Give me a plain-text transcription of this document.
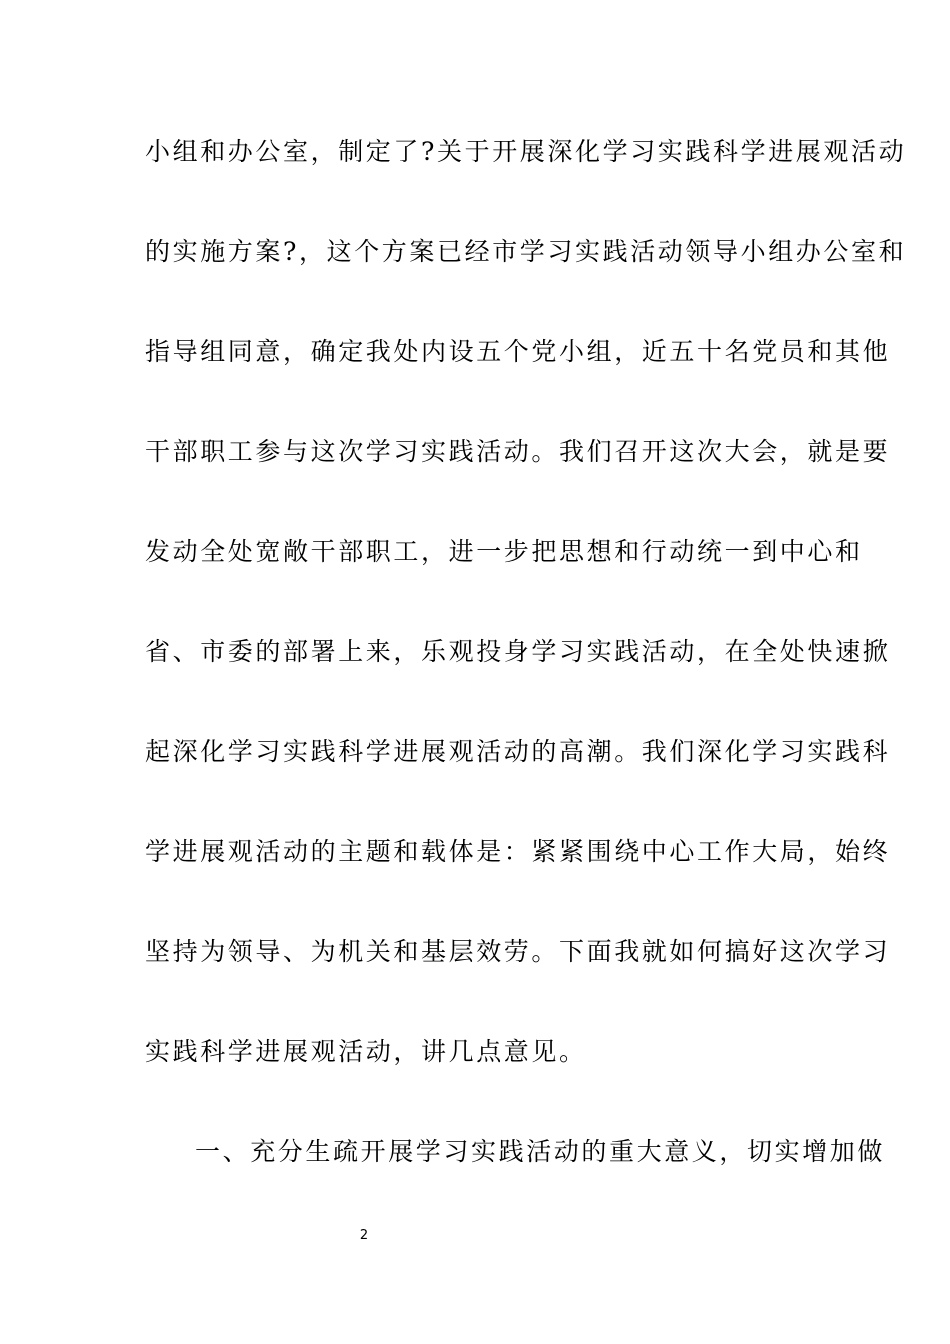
小组和办公室，制定了?关于开展深化学习实践科学进展观活动
的实施方案?，这个方案已经市学习实践活动领导小组办公室和
指导组同意，确定我处内设五个党小组，近五十名党员和其他
干部职工参与这次学习实践活动。我们召开这次大会，就是要
发动全处宽敞干部职工，进一步把思想和行动统一到中心和
省、市委的部署上来，乐观投身学习实践活动，在全处快速掀
起深化学习实践科学进展观活动的高潮。我们深化学习实践科
学进展观活动的主题和载体是：紧紧围绕中心工作大局，始终
坚持为领导、为机关和基层效劳。下面我就如何搞好这次学习
实践科学进展观活动，讲几点意见。
一、充分生疏开展学习实践活动的重大意义，切实增加做
2
